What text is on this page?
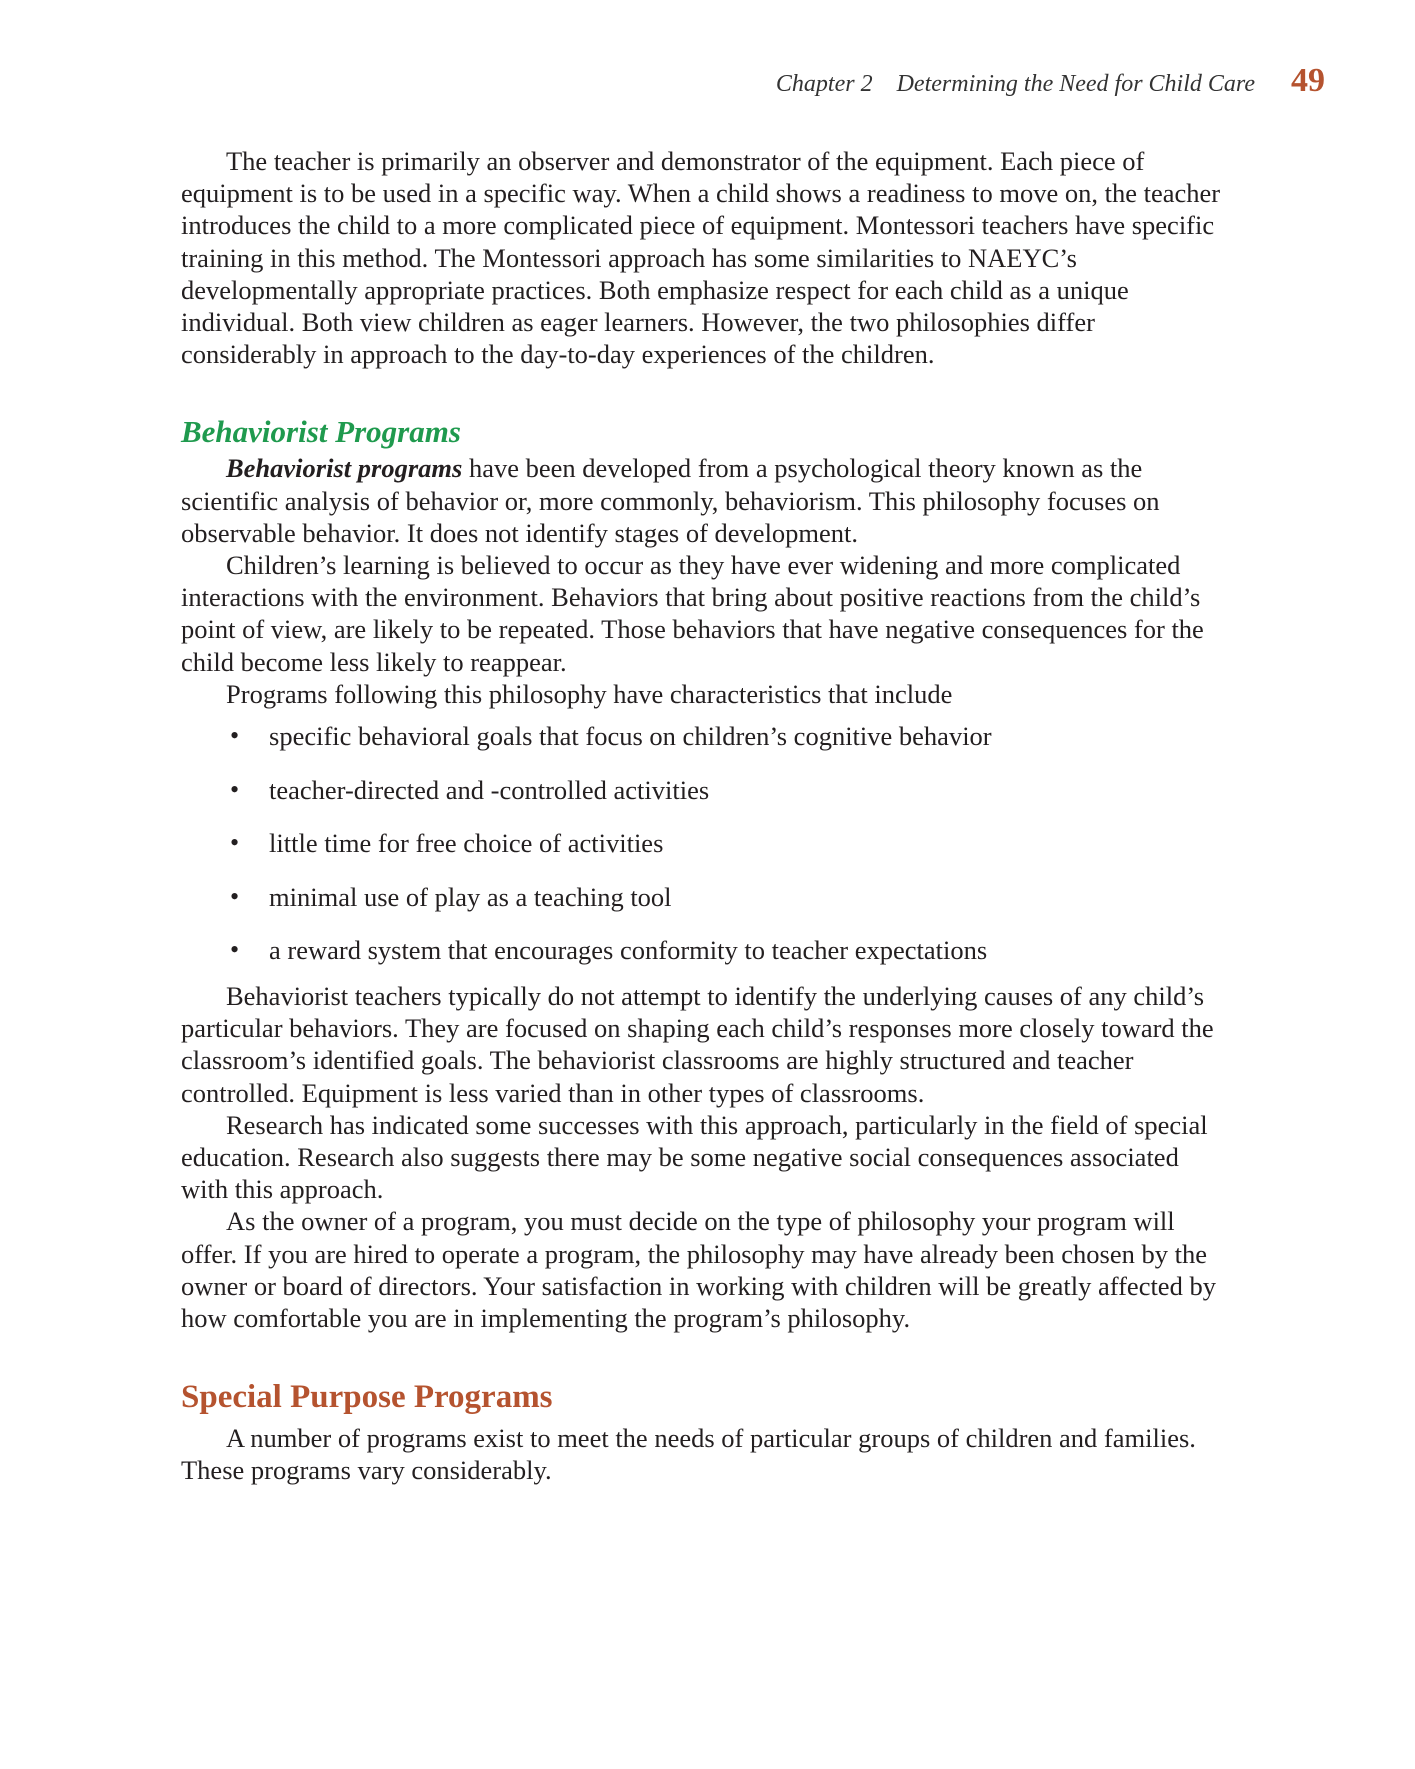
Chapter 2    Determining the Need for Child Care 49

The teacher is primarily an observer and demonstrator of the equipment. Each piece of equipment is to be used in a specific way. When a child shows a readiness to move on, the teacher introduces the child to a more complicated piece of equipment. Montessori teachers have specific training in this method. The Montessori approach has some similarities to NAEYC’s developmentally appropriate practices. Both emphasize respect for each child as a unique individual. Both view children as eager learners. However, the two philosophies differ considerably in approach to the day-to-day experiences of the children.

Behaviorist Programs

Behaviorist programs have been developed from a psychological theory known as the scientific analysis of behavior or, more commonly, behaviorism. This philosophy focuses on observable behavior. It does not identify stages of development.

Children’s learning is believed to occur as they have ever widening and more complicated interactions with the environment. Behaviors that bring about positive reactions from the child’s point of view, are likely to be repeated. Those behaviors that have negative consequences for the child become less likely to reappear.

Programs following this philosophy have characteristics that include

• specific behavioral goals that focus on children’s cognitive behavior
• teacher-directed and -controlled activities
• little time for free choice of activities
• minimal use of play as a teaching tool
• a reward system that encourages conformity to teacher expectations

Behaviorist teachers typically do not attempt to identify the underlying causes of any child’s particular behaviors. They are focused on shaping each child’s responses more closely toward the classroom’s identified goals. The behaviorist classrooms are highly structured and teacher controlled. Equipment is less varied than in other types of classrooms.

Research has indicated some successes with this approach, particularly in the field of special education. Research also suggests there may be some negative social consequences associated with this approach.

As the owner of a program, you must decide on the type of philosophy your program will offer. If you are hired to operate a program, the philosophy may have already been chosen by the owner or board of directors. Your satisfaction in working with children will be greatly affected by how comfortable you are in implementing the program’s philosophy.

Special Purpose Programs

A number of programs exist to meet the needs of particular groups of children and families. These programs vary considerably.
